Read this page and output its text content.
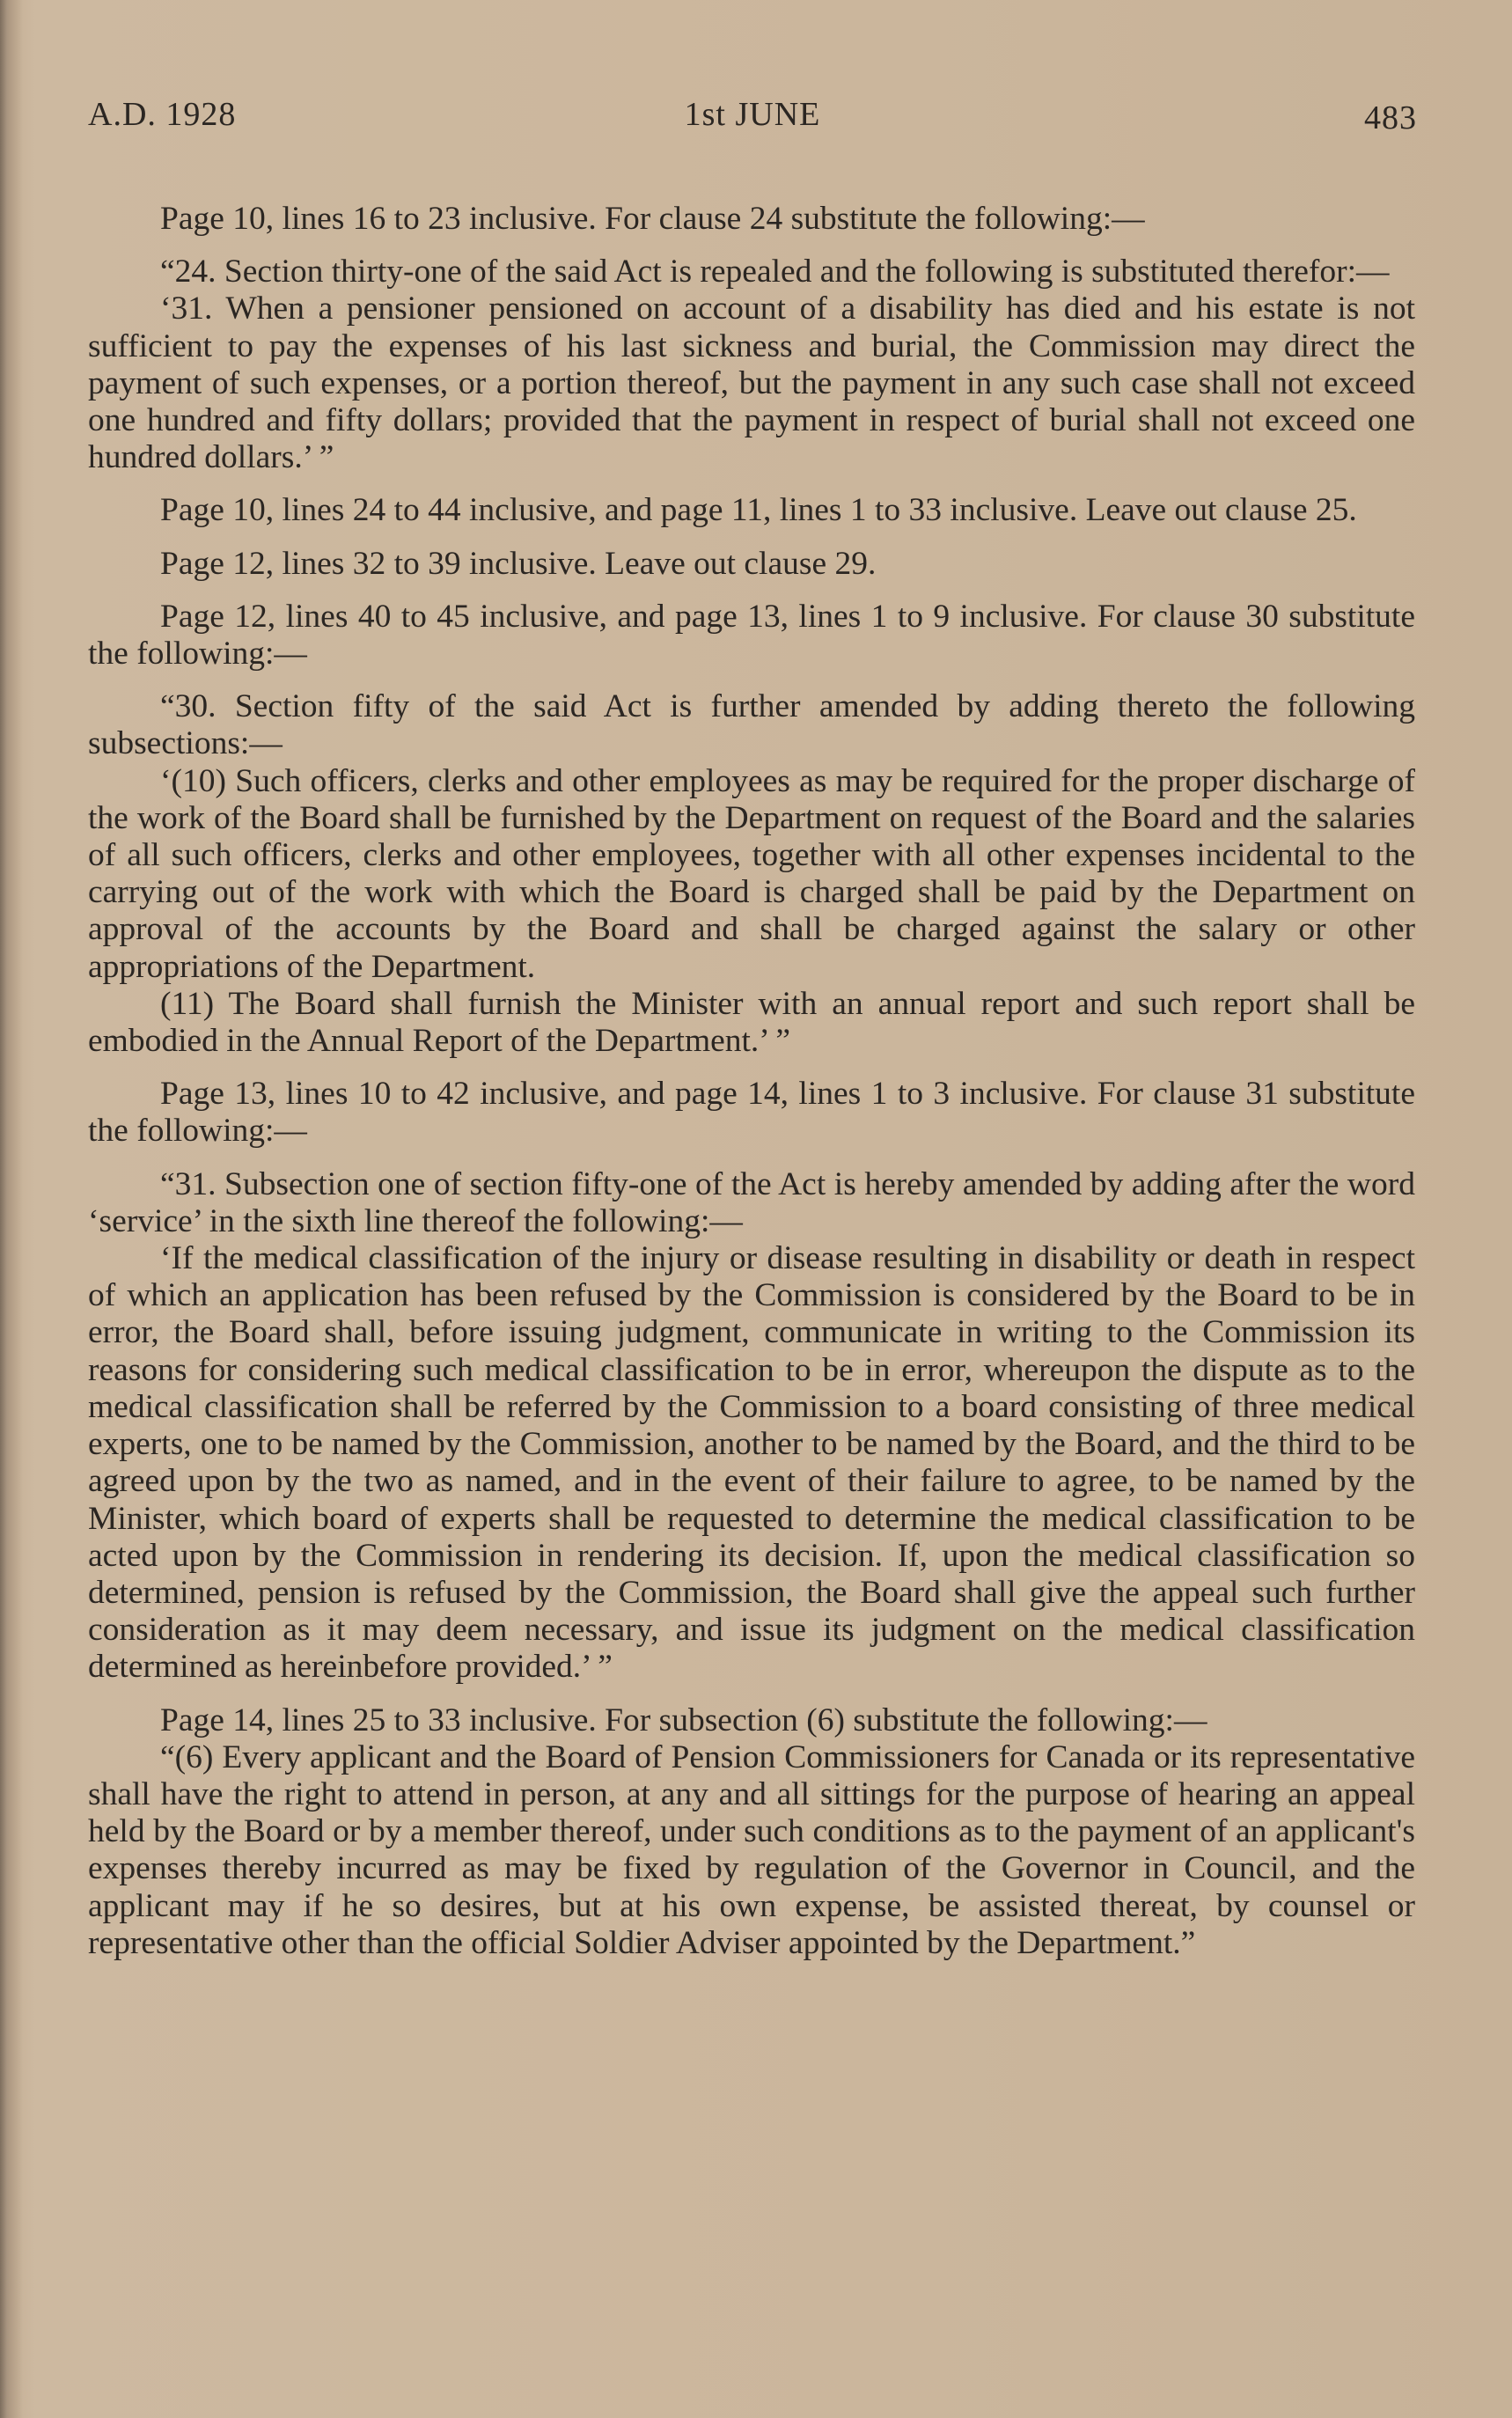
A.D. 1928	1st JUNE	483

Page 10, lines 16 to 23 inclusive. For clause 24 substitute the following:—

“24. Section thirty-one of the said Act is repealed and the following is substituted therefor:—

‘31. When a pensioner pensioned on account of a disability has died and his estate is not sufficient to pay the expenses of his last sickness and burial, the Commission may direct the payment of such expenses, or a portion thereof, but the payment in any such case shall not exceed one hundred and fifty dollars; provided that the payment in respect of burial shall not exceed one hundred dollars.’ ”

Page 10, lines 24 to 44 inclusive, and page 11, lines 1 to 33 inclusive. Leave out clause 25.

Page 12, lines 32 to 39 inclusive. Leave out clause 29.

Page 12, lines 40 to 45 inclusive, and page 13, lines 1 to 9 inclusive. For clause 30 substitute the following:—

“30. Section fifty of the said Act is further amended by adding thereto the following subsections:—

‘(10) Such officers, clerks and other employees as may be required for the proper discharge of the work of the Board shall be furnished by the Department on request of the Board and the salaries of all such officers, clerks and other employees, together with all other expenses incidental to the carrying out of the work with which the Board is charged shall be paid by the Department on approval of the accounts by the Board and shall be charged against the salary or other appropriations of the Department.

(11) The Board shall furnish the Minister with an annual report and such report shall be embodied in the Annual Report of the Department.’ ”

Page 13, lines 10 to 42 inclusive, and page 14, lines 1 to 3 inclusive. For clause 31 substitute the following:—

“31. Subsection one of section fifty-one of the Act is hereby amended by adding after the word ‘service’ in the sixth line thereof the following:—

‘If the medical classification of the injury or disease resulting in disability or death in respect of which an application has been refused by the Commission is considered by the Board to be in error, the Board shall, before issuing judgment, communicate in writing to the Commission its reasons for considering such medical classification to be in error, whereupon the dispute as to the medical classification shall be referred by the Commission to a board consisting of three medical experts, one to be named by the Commission, another to be named by the Board, and the third to be agreed upon by the two as named, and in the event of their failure to agree, to be named by the Minister, which board of experts shall be requested to determine the medical classification to be acted upon by the Commission in rendering its decision. If, upon the medical classification so determined, pension is refused by the Commission, the Board shall give the appeal such further consideration as it may deem necessary, and issue its judgment on the medical classification determined as hereinbefore provided.’ ”

Page 14, lines 25 to 33 inclusive. For subsection (6) substitute the following:—

“(6) Every applicant and the Board of Pension Commissioners for Canada or its representative shall have the right to attend in person, at any and all sittings for the purpose of hearing an appeal held by the Board or by a member thereof, under such conditions as to the payment of an applicant's expenses thereby incurred as may be fixed by regulation of the Governor in Council, and the applicant may if he so desires, but at his own expense, be assisted thereat, by counsel or representative other than the official Soldier Adviser appointed by the Department.”
